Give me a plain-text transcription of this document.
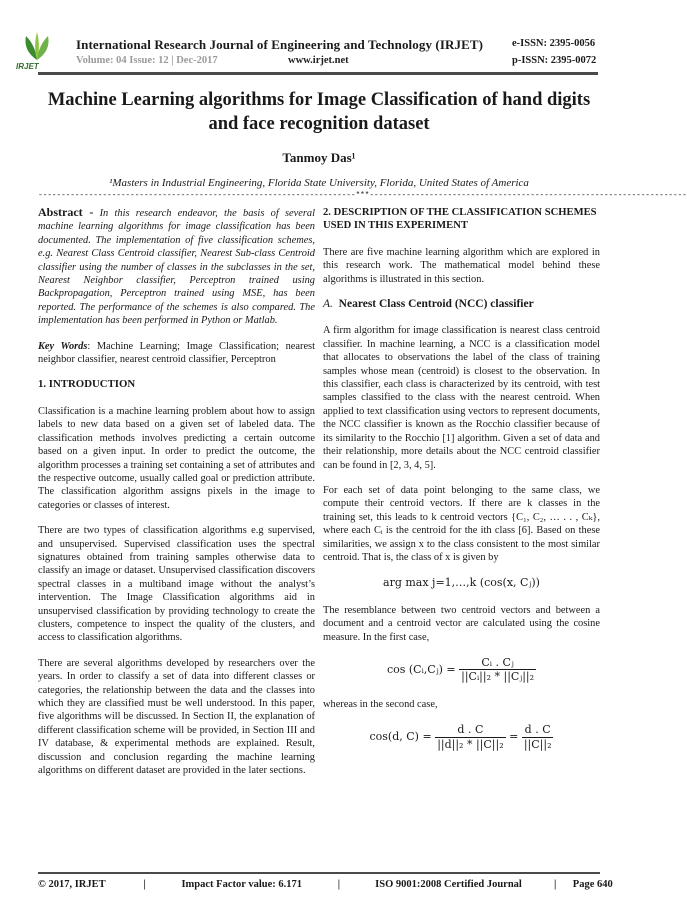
IRJET
International Research Journal of Engineering and Technology (IRJET)	e-ISSN: 2395-0056
Volume: 04 Issue: 12 | Dec-2017	www.irjet.net	p-ISSN: 2395-0072
Machine Learning algorithms for Image Classification of hand digits and face recognition dataset
Tanmoy Das¹
¹Masters in Industrial Engineering, Florida State University, Florida, United States of America
---------------------------------------------------------------------***---------------------------------------------------------------------

Abstract - In this research endeavor, the basis of several machine learning algorithms for image classification has been documented. The implementation of five classification schemes, e.g. Nearest Class Centroid classifier, Nearest Sub-class Centroid classifier using the number of classes in the subclasses in the set, Nearest Neighbor classifier, Perceptron trained using Backpropagation, Perceptron trained using MSE, has been reported. The performance of the schemes is also compared. The implementation has been performed in Python or Matlab.

Key Words: Machine Learning; Image Classification; nearest neighbor classifier, nearest centroid classifier, Perceptron

1. INTRODUCTION

Classification is a machine learning problem about how to assign labels to new data based on a given set of labeled data. The classification methods involves predicting a certain outcome based on a given input. In order to predict the outcome, the algorithm processes a training set containing a set of attributes and the respective outcome, usually called goal or prediction attribute. The classification algorithm assigns pixels in the image to categories or classes of interest.

There are two types of classification algorithms e.g supervised, and unsupervised. Supervised classification uses the spectral signatures obtained from training samples otherwise data to classify an image or dataset. Unsupervised classification discovers spectral classes in a multiband image without the analyst’s intervention. The Image Classification algorithms aid in unsupervised classification by providing technology to create the clusters, competence to inspect the quality of the clusters, and access to classification algorithms.

There are several algorithms developed by researchers over the years. In order to classify a set of data into different classes or categories, the relationship between the data and the classes into which they are classified must be well understood. In this paper, five algorithms will be discussed. In Section II, the explanation of different classification scheme will be provided, in Section III and IV database, & experimental methods are explained. Result, discussion and conclusion regarding the machine learning algorithms on different dataset are provided in the later sections.

2. DESCRIPTION OF THE CLASSIFICATION SCHEMES USED IN THIS EXPERIMENT

There are five machine learning algorithm which are explored in this research work. The mathematical model behind these algorithms is illustrated in this section.

A. Nearest Class Centroid (NCC) classifier

A firm algorithm for image classification is nearest class centroid classifier. In machine learning, a NCC is a classification model that allocates to observations the label of the class of training samples whose mean (centroid) is closest to the observation. In this classifier, each class is characterized by its centroid, with test samples classified to the class with the nearest centroid. When applied to text classification using vectors to represent documents, the NCC classifier is known as the Rocchio classifier because of its similarity to the Rocchio [1] algorithm. Given a set of data and their relationship, more details about the NCC centroid classifier can be found in [2, 3, 4, 5].

For each set of data point belonging to the same class, we compute their centroid vectors. If there are k classes in the training set, this leads to k centroid vectors {C₁, C₂, … . . , Cₖ}, where each Cᵢ is the centroid for the ith class [6]. Based on these similarities, we assign x to the class consistent to the most similar centroid. That is, the class of x is given by

arg max j=1,…,k (cos(x, Cⱼ))

The resemblance between two centroid vectors and between a document and a centroid vector are calculated using the cosine measure. In the first case,

cos (Cᵢ,Cⱼ) = $\frac{\text{Cᵢ . Cⱼ}}{\text{||Cᵢ||₂ * ||Cⱼ||₂}}$

whereas in the second case,

cos(d, $C) = \frac{d . C}{\text{||d||₂ * ||C||₂}} = \frac{d . C}{\text{||C||₂}}$
© 2017, IRJET	|	Impact Factor value: 6.171	|	ISO 9001:2008 Certified Journal	| Page 640
